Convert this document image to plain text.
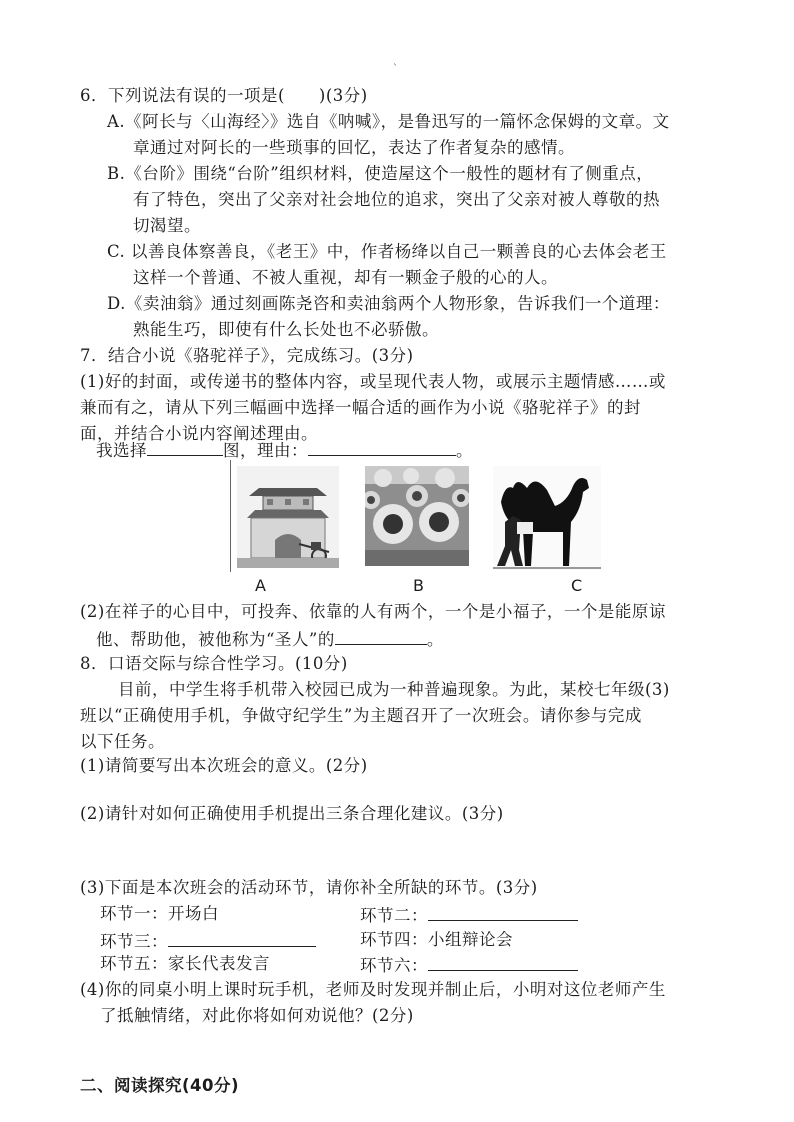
`
6．下列说法有误的一项是(　　)(3分)
A.《阿长与〈山海经〉》选自《呐喊》，是鲁迅写的一篇怀念保姆的文章。文
章通过对阿长的一些琐事的回忆，表达了作者复杂的感情。
B.《台阶》围绕“台阶”组织材料，使造屋这个一般性的题材有了侧重点，
有了特色，突出了父亲对社会地位的追求，突出了父亲对被人尊敬的热
切渴望。
C. 以善良体察善良，《老王》中，作者杨绛以自己一颗善良的心去体会老王
这样一个普通、不被人重视，却有一颗金子般的心的人。
D.《卖油翁》通过刻画陈尧咨和卖油翁两个人物形象，告诉我们一个道理：
熟能生巧，即使有什么长处也不必骄傲。
7．结合小说《骆驼祥子》，完成练习。(3分)
(1)好的封面，或传递书的整体内容，或呈现代表人物，或展示主题情感……或
兼而有之，请从下列三幅画中选择一幅合适的画作为小说《骆驼祥子》的封
面，并结合小说内容阐述理由。
我选择	图，理由：	。
A	B	C
(2)在祥子的心目中，可投奔、依靠的人有两个，一个是小福子，一个是能原谅
他、帮助他，被他称为“圣人”的	。
8．口语交际与综合性学习。(10分)
目前，中学生将手机带入校园已成为一种普遍现象。为此，某校七年级(3)
班以“正确使用手机，争做守纪学生”为主题召开了一次班会。请你参与完成
以下任务。
(1)请简要写出本次班会的意义。(2分)
(2)请针对如何正确使用手机提出三条合理化建议。(3分)
(3)下面是本次班会的活动环节，请你补全所缺的环节。(3分)
环节一：开场白	环节二：
环节三：	环节四：小组辩论会
环节五：家长代表发言	环节六：
(4)你的同桌小明上课时玩手机，老师及时发现并制止后，小明对这位老师产生
了抵触情绪，对此你将如何劝说他？(2分)
二、阅读探究(40分)
